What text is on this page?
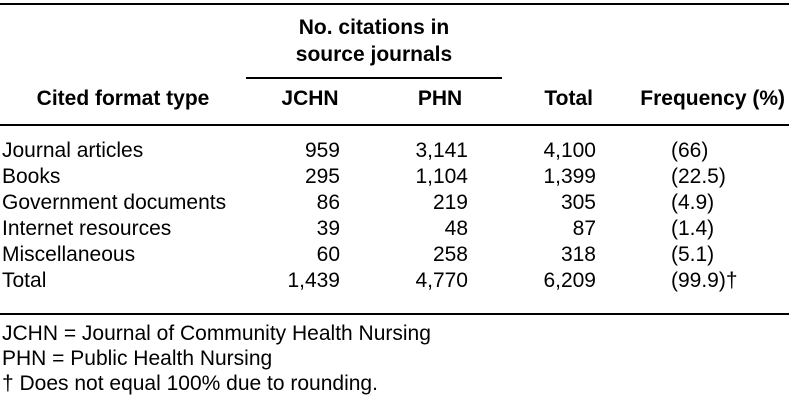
No. citations in
source journals
Cited format type	JCHN	PHN	Total	Frequency (%)
Journal articles	959	3,141	4,100	(66)
Books	295	1,104	1,399	(22.5)
Government documents	86	219	305	(4.9)
Internet resources	39	48	87	(1.4)
Miscellaneous	60	258	318	(5.1)
Total	1,439	4,770	6,209	(99.9)†
JCHN = Journal of Community Health Nursing
PHN = Public Health Nursing
† Does not equal 100% due to rounding.
